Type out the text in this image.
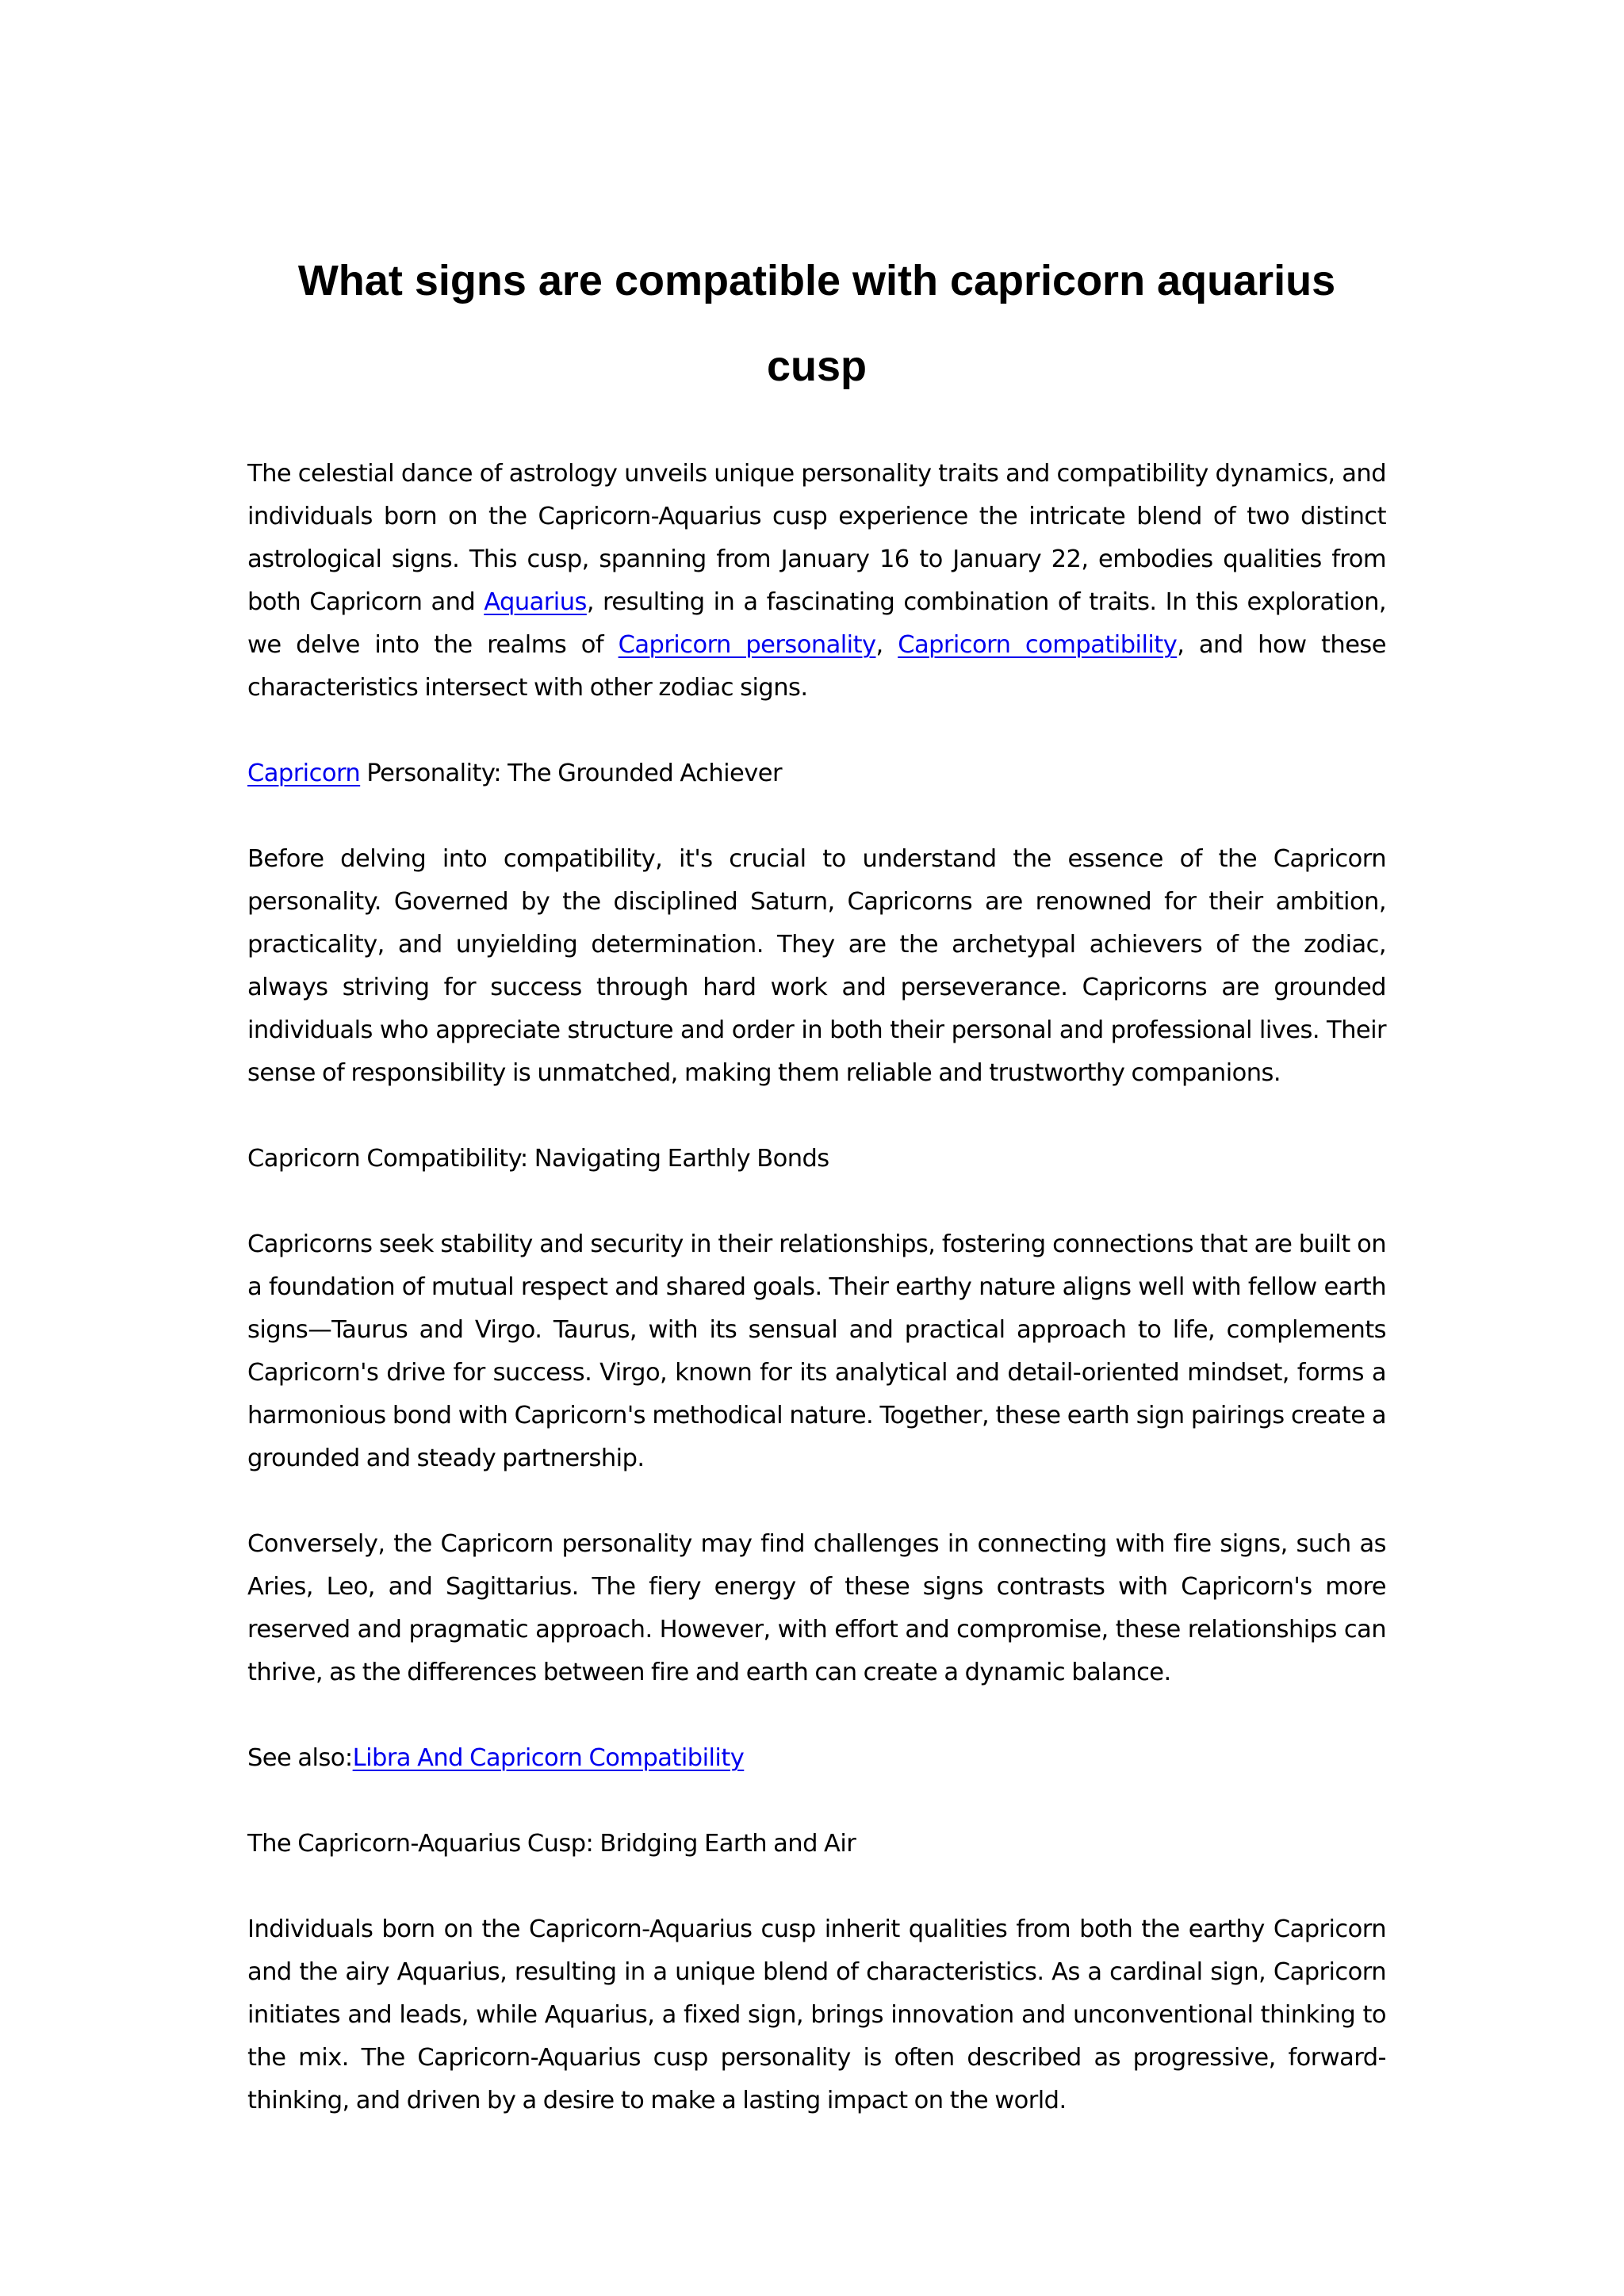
What signs are compatible with capricorn aquarius cusp

The celestial dance of astrology unveils unique personality traits and compatibility dynamics, and individuals born on the Capricorn-Aquarius cusp experience the intricate blend of two distinct astrological signs. This cusp, spanning from January 16 to January 22, embodies qualities from both Capricorn and Aquarius, resulting in a fascinating combination of traits. In this exploration, we delve into the realms of Capricorn personality, Capricorn compatibility, and how these characteristics intersect with other zodiac signs.

Capricorn Personality: The Grounded Achiever

Before delving into compatibility, it's crucial to understand the essence of the Capricorn personality. Governed by the disciplined Saturn, Capricorns are renowned for their ambition, practicality, and unyielding determination. They are the archetypal achievers of the zodiac, always striving for success through hard work and perseverance. Capricorns are grounded individuals who appreciate structure and order in both their personal and professional lives. Their sense of responsibility is unmatched, making them reliable and trustworthy companions.

Capricorn Compatibility: Navigating Earthly Bonds

Capricorns seek stability and security in their relationships, fostering connections that are built on a foundation of mutual respect and shared goals. Their earthy nature aligns well with fellow earth signs—Taurus and Virgo. Taurus, with its sensual and practical approach to life, complements Capricorn's drive for success. Virgo, known for its analytical and detail-oriented mindset, forms a harmonious bond with Capricorn's methodical nature. Together, these earth sign pairings create a grounded and steady partnership.

Conversely, the Capricorn personality may find challenges in connecting with fire signs, such as Aries, Leo, and Sagittarius. The fiery energy of these signs contrasts with Capricorn's more reserved and pragmatic approach. However, with effort and compromise, these relationships can thrive, as the differences between fire and earth can create a dynamic balance.

See also:Libra And Capricorn Compatibility

The Capricorn-Aquarius Cusp: Bridging Earth and Air

Individuals born on the Capricorn-Aquarius cusp inherit qualities from both the earthy Capricorn and the airy Aquarius, resulting in a unique blend of characteristics. As a cardinal sign, Capricorn initiates and leads, while Aquarius, a fixed sign, brings innovation and unconventional thinking to the mix. The Capricorn-Aquarius cusp personality is often described as progressive, forward-thinking, and driven by a desire to make a lasting impact on the world.
